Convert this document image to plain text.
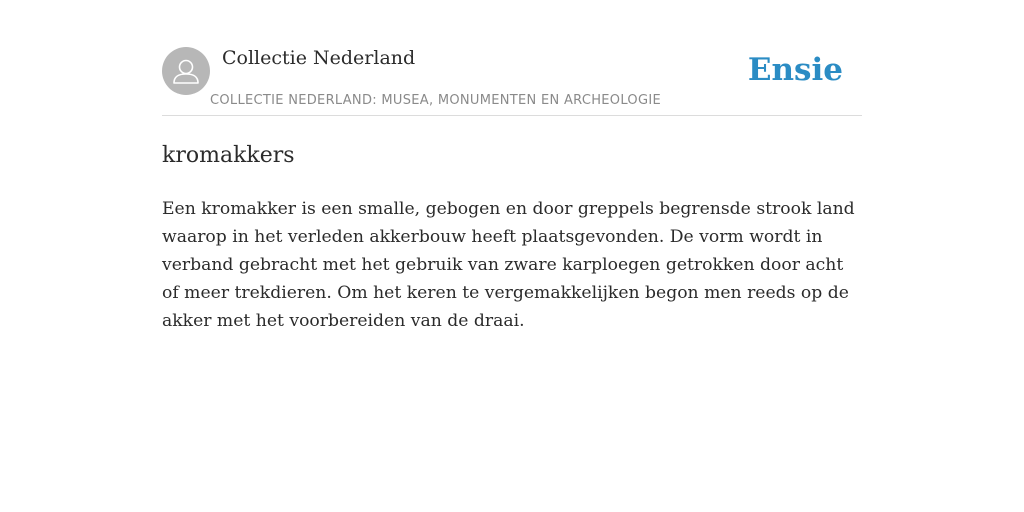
Collectie Nederland
COLLECTIE NEDERLAND: MUSEA, MONUMENTEN EN ARCHEOLOGIE
Ensie
kromakkers

Een kromakker is een smalle, gebogen en door greppels begrensde strook land waarop in het verleden akkerbouw heeft plaatsgevonden. De vorm wordt in verband gebracht met het gebruik van zware karploegen getrokken door acht of meer trekdieren. Om het keren te vergemakkelijken begon men reeds op de akker met het voorbereiden van de draai.
